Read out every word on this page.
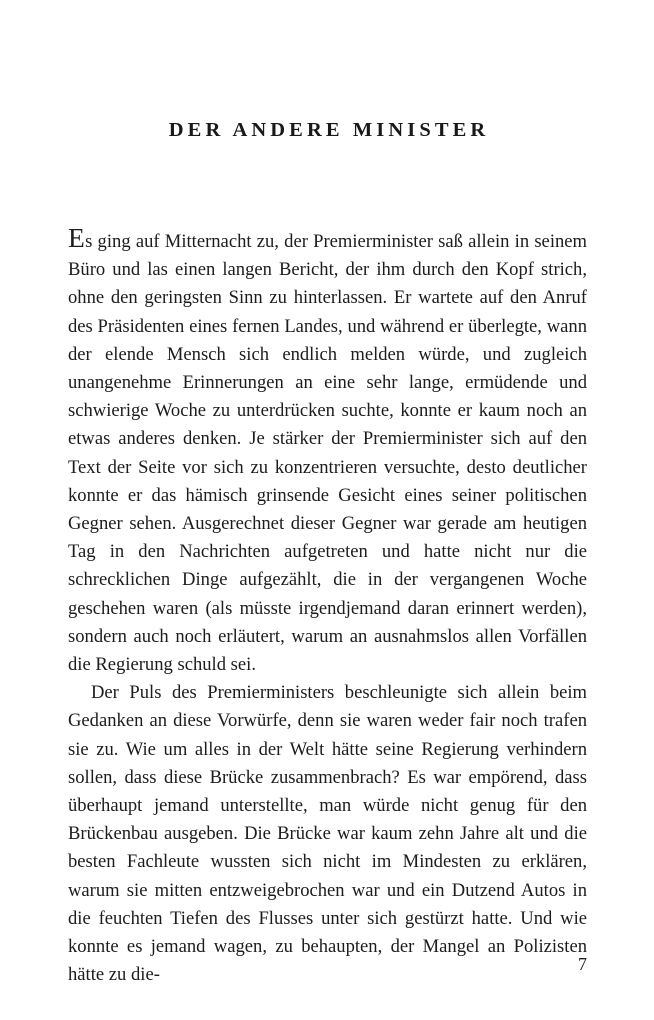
DER ANDERE MINISTER

Es ging auf Mitternacht zu, der Premierminister saß allein in seinem Büro und las einen langen Bericht, der ihm durch den Kopf strich, ohne den geringsten Sinn zu hinterlassen. Er wartete auf den Anruf des Präsidenten eines fernen Landes, und während er überlegte, wann der elende Mensch sich endlich melden würde, und zugleich unangenehme Erinnerungen an eine sehr lange, ermüdende und schwierige Woche zu unterdrücken suchte, konnte er kaum noch an etwas anderes denken. Je stärker der Premierminister sich auf den Text der Seite vor sich zu konzentrieren versuchte, desto deutlicher konnte er das hämisch grinsende Gesicht eines seiner politischen Gegner sehen. Ausgerechnet dieser Gegner war gerade am heutigen Tag in den Nachrichten aufgetreten und hatte nicht nur die schrecklichen Dinge aufgezählt, die in der vergangenen Woche geschehen waren (als müsste irgendjemand daran erinnert werden), sondern auch noch erläutert, warum an ausnahmslos allen Vorfällen die Regierung schuld sei.

Der Puls des Premierministers beschleunigte sich allein beim Gedanken an diese Vorwürfe, denn sie waren weder fair noch trafen sie zu. Wie um alles in der Welt hätte seine Regierung verhindern sollen, dass diese Brücke zusammenbrach? Es war empörend, dass überhaupt jemand unterstellte, man würde nicht genug für den Brückenbau ausgeben. Die Brücke war kaum zehn Jahre alt und die besten Fachleute wussten sich nicht im Mindesten zu erklären, warum sie mitten entzweigebrochen war und ein Dutzend Autos in die feuchten Tiefen des Flusses unter sich gestürzt hatte. Und wie konnte es jemand wagen, zu behaupten, der Mangel an Polizisten hätte zu die-

7
